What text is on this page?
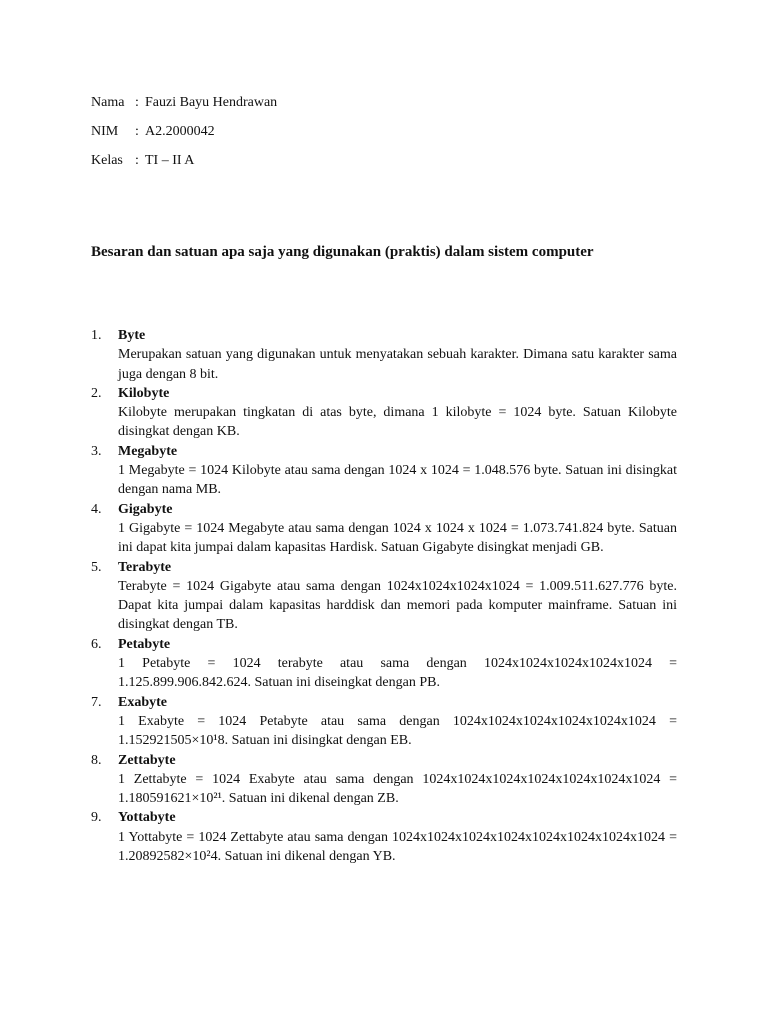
Nama : Fauzi Bayu Hendrawan
NIM	: A2.2000042
Kelas : TI – II A
Besaran dan satuan apa saja yang digunakan (praktis) dalam sistem computer
1.	Byte
Merupakan satuan yang digunakan untuk menyatakan sebuah karakter. Dimana satu karakter sama juga dengan 8 bit.
2.	Kilobyte
Kilobyte merupakan tingkatan di atas byte, dimana 1 kilobyte = 1024 byte. Satuan Kilobyte disingkat dengan KB.
3.	Megabyte
1 Megabyte = 1024 Kilobyte atau sama dengan 1024 x 1024 = 1.048.576 byte. Satuan ini disingkat dengan nama MB.
4.	Gigabyte
1 Gigabyte = 1024 Megabyte atau sama dengan 1024 x 1024 x 1024 = 1.073.741.824 byte. Satuan ini dapat kita jumpai dalam kapasitas Hardisk. Satuan Gigabyte disingkat menjadi GB.
5.	Terabyte
Terabyte = 1024 Gigabyte atau sama dengan 1024x1024x1024x1024 = 1.009.511.627.776 byte. Dapat kita jumpai dalam kapasitas harddisk dan memori pada komputer mainframe. Satuan ini disingkat dengan TB.
6.	Petabyte
1 Petabyte = 1024 terabyte atau sama dengan 1024x1024x1024x1024x1024 = 1.125.899.906.842.624. Satuan ini diseingkat dengan PB.
7.	Exabyte
1 Exabyte = 1024 Petabyte atau sama dengan 1024x1024x1024x1024x1024x1024 = 1.152921505×10¹8. Satuan ini disingkat dengan EB.
8.	Zettabyte
1 Zettabyte = 1024 Exabyte atau sama dengan 1024x1024x1024x1024x1024x1024x1024 = 1.180591621×10²¹. Satuan ini dikenal dengan ZB.
9.	Yottabyte
1 Yottabyte = 1024 Zettabyte atau sama dengan 1024x1024x1024x1024x1024x1024x1024x1024 = 1.20892582×10²4. Satuan ini dikenal dengan YB.
